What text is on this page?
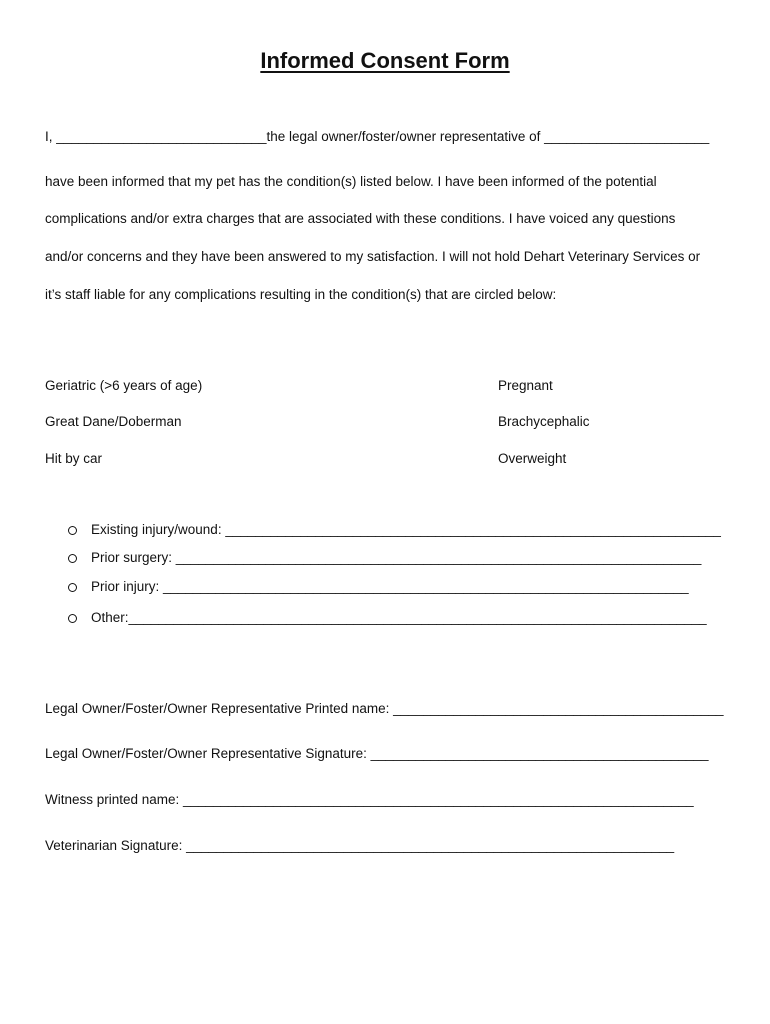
Informed Consent Form
I, ____________________________the legal owner/foster/owner representative of ______________________
have been informed that my pet has the condition(s) listed below. I have been informed of the potential
complications and/or extra charges that are associated with these conditions. I have voiced any questions
and/or concerns and they have been answered to my satisfaction. I will not hold Dehart Veterinary Services or
it’s staff liable for any complications resulting in the condition(s) that are circled below:
Geriatric (>6 years of age)
Great Dane/Doberman
Hit by car
Pregnant
Brachycephalic
Overweight
Existing injury/wound: __________________________________________________________________
Prior surgery: ______________________________________________________________________
Prior injury: ______________________________________________________________________
Other:_____________________________________________________________________________
Legal Owner/Foster/Owner Representative Printed name: ____________________________________________
Legal Owner/Foster/Owner Representative Signature: _____________________________________________
Witness printed name: ____________________________________________________________________
Veterinarian Signature: _________________________________________________________________
